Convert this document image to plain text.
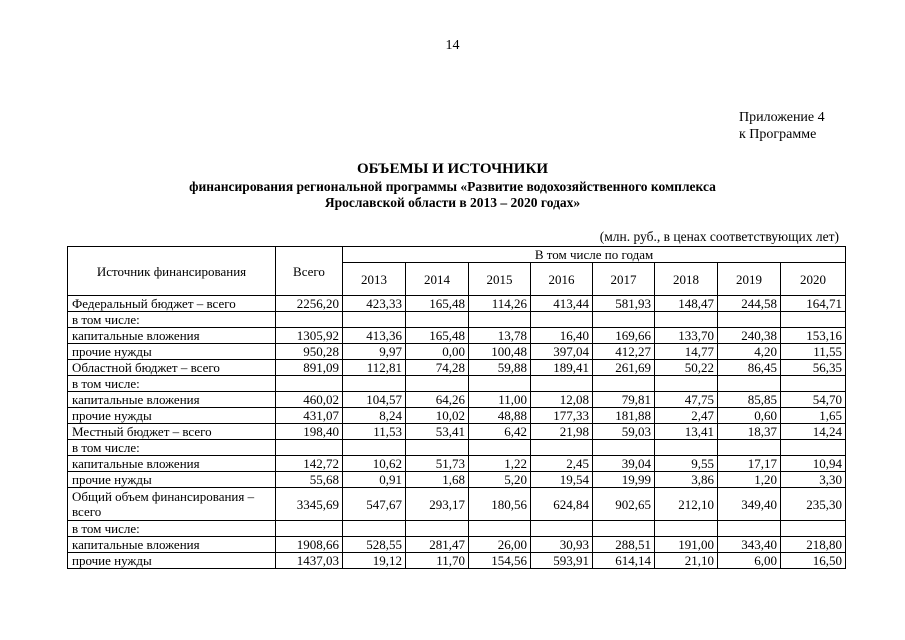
14
Приложение 4
к Программе
ОБЪЕМЫ И ИСТОЧНИКИ
финансирования региональной программы «Развитие водохозяйственного комплекса
Ярославской области в 2013 – 2020 годах»
(млн. руб., в ценах соответствующих лет)
Источник финансирования	Всего	В том числе по годам							
		2013	2014	2015	2016	2017	2018	2019	2020
Федеральный бюджет – всего	2256,20	423,33	165,48	114,26	413,44	581,93	148,47	244,58	164,71
в том числе:									
капитальные вложения	1305,92	413,36	165,48	13,78	16,40	169,66	133,70	240,38	153,16
прочие нужды	950,28	9,97	0,00	100,48	397,04	412,27	14,77	4,20	11,55
Областной бюджет – всего	891,09	112,81	74,28	59,88	189,41	261,69	50,22	86,45	56,35
в том числе:									
капитальные вложения	460,02	104,57	64,26	11,00	12,08	79,81	47,75	85,85	54,70
прочие нужды	431,07	8,24	10,02	48,88	177,33	181,88	2,47	0,60	1,65
Местный бюджет – всего	198,40	11,53	53,41	6,42	21,98	59,03	13,41	18,37	14,24
в том числе:									
капитальные вложения	142,72	10,62	51,73	1,22	2,45	39,04	9,55	17,17	10,94
прочие нужды	55,68	0,91	1,68	5,20	19,54	19,99	3,86	1,20	3,30
Общий объем финансирования – всего	3345,69	547,67	293,17	180,56	624,84	902,65	212,10	349,40	235,30
в том числе:									
капитальные вложения	1908,66	528,55	281,47	26,00	30,93	288,51	191,00	343,40	218,80
прочие нужды	1437,03	19,12	11,70	154,56	593,91	614,14	21,10	6,00	16,50
